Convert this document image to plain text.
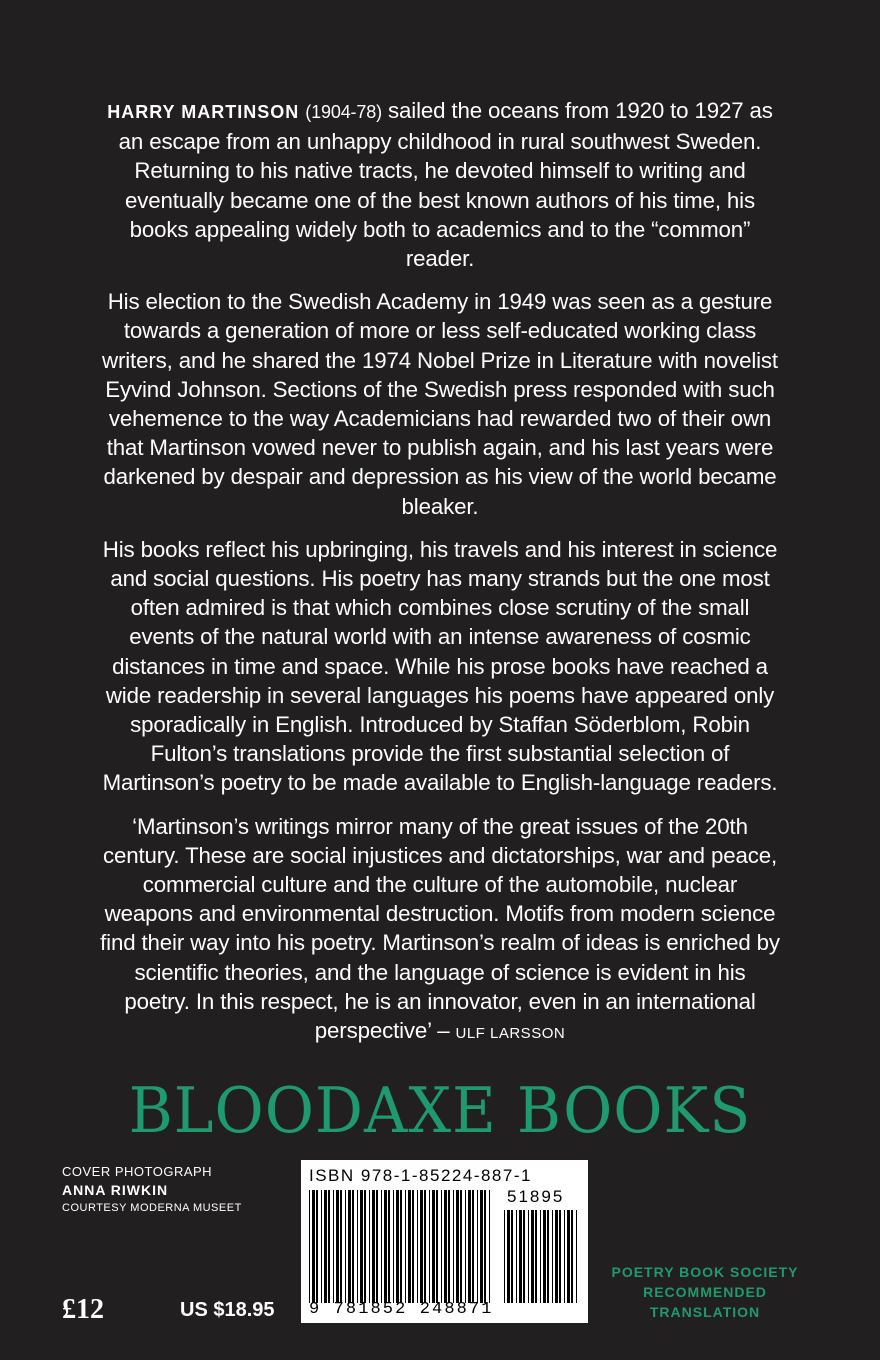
HARRY MARTINSON (1904-78) sailed the oceans from 1920 to 1927 as an escape from an unhappy childhood in rural southwest Sweden. Returning to his native tracts, he devoted himself to writing and eventually became one of the best known authors of his time, his books appealing widely both to academics and to the “common” reader.

His election to the Swedish Academy in 1949 was seen as a gesture towards a generation of more or less self-educated working class writers, and he shared the 1974 Nobel Prize in Literature with novelist Eyvind Johnson. Sections of the Swedish press responded with such vehemence to the way Academicians had rewarded two of their own that Martinson vowed never to publish again, and his last years were darkened by despair and depression as his view of the world became bleaker.

His books reflect his upbringing, his travels and his interest in science and social questions. His poetry has many strands but the one most often admired is that which combines close scrutiny of the small events of the natural world with an intense awareness of cosmic distances in time and space. While his prose books have reached a wide readership in several languages his poems have appeared only sporadically in English. Introduced by Staffan Söderblom, Robin Fulton’s translations provide the first substantial selection of Martinson’s poetry to be made available to English-language readers.

‘Martinson’s writings mirror many of the great issues of the 20th century. These are social injustices and dictatorships, war and peace, commercial culture and the culture of the automobile, nuclear weapons and environmental destruction. Motifs from modern science find their way into his poetry. Martinson’s realm of ideas is enriched by scientific theories, and the language of science is evident in his poetry. In this respect, he is an innovator, even in an international perspective’ – ULF LARSSON

BLOODAXE BOOKS
COVER PHOTOGRAPH
ANNA RIWKIN
COURTESY MODERNA MUSEET
£12	US $18.95
ISBN 978-1-85224-887-1
51895
9 781852 248871
POETRY BOOK SOCIETY
RECOMMENDED
TRANSLATION
